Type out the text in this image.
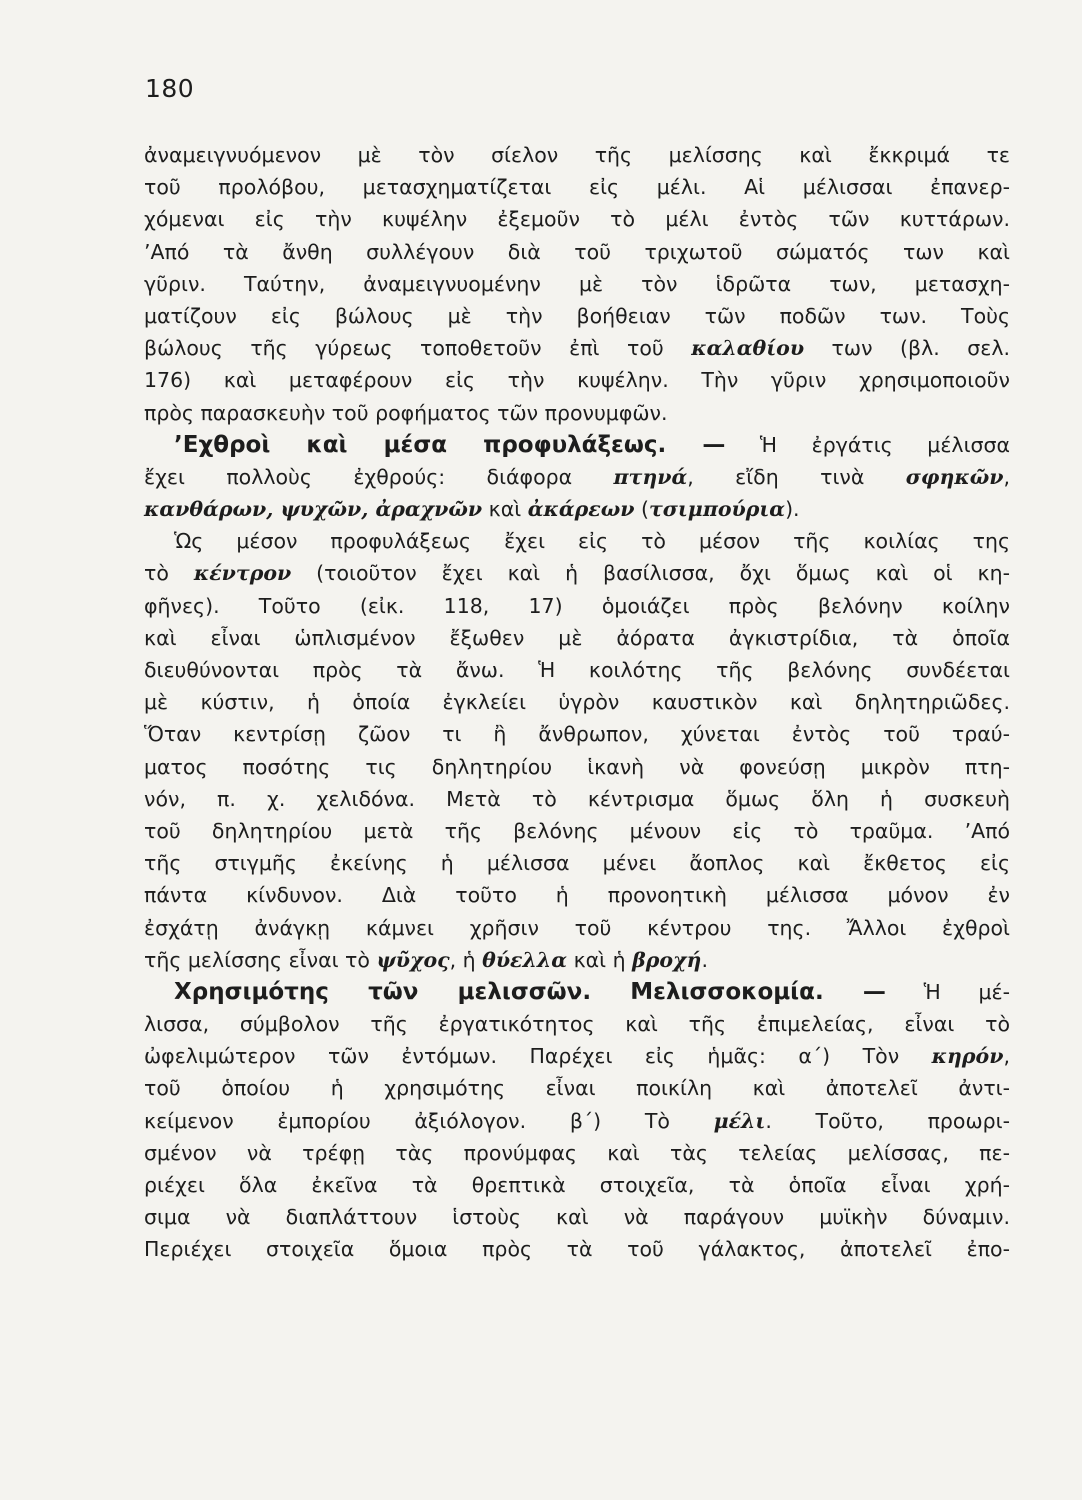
180
ἀναμειγνυόμενον μὲ τὸν σίελον τῆς μελίσσης καὶ ἔκκριμά τε
τοῦ προλόβου, μετασχηματίζεται εἰς μέλι. Αἱ μέλισσαι ἐπανερ-
χόμεναι εἰς τὴν κυψέλην ἐξεμοῦν τὸ μέλι ἐντὸς τῶν κυττάρων.
’Από τὰ ἄνθη συλλέγουν διὰ τοῦ τριχωτοῦ σώματός των καὶ
γῦριν. Ταύτην, ἀναμειγνυομένην μὲ τὸν ἱδρῶτα των, μετασχη-
ματίζουν εἰς βώλους μὲ τὴν βοήθειαν τῶν ποδῶν των. Τοὺς
βώλους τῆς γύρεως τοποθετοῦν ἐπὶ τοῦ καλαθίου των (βλ. σελ.
176) καὶ μεταφέρουν εἰς τὴν κυψέλην. Τὴν γῦριν χρησιμοποιοῦν
πρὸς παρασκευὴν τοῦ ροφήματος τῶν προνυμφῶν.
’Εχθροὶ καὶ μέσα προφυλάξεως. — Ἡ ἐργάτις μέλισσα
ἔχει πολλοὺς ἐχθρούς: διάφορα πτηνά, εἴδη τινὰ σφηκῶν,
κανθάρων, ψυχῶν, ἀραχνῶν καὶ ἀκάρεων (τσιμπούρια).
Ὡς μέσον προφυλάξεως ἔχει εἰς τὸ μέσον τῆς κοιλίας της
τὸ κέντρον (τοιοῦτον ἔχει καὶ ἡ βασίλισσα, ὄχι ὅμως καὶ οἱ κη-
φῆνες). Τοῦτο (εἰκ. 118, 17) ὁμοιάζει πρὸς βελόνην κοίλην
καὶ εἶναι ὡπλισμένον ἔξωθεν μὲ ἀόρατα ἀγκιστρίδια, τὰ ὁποῖα
διευθύνονται πρὸς τὰ ἄνω. Ἡ κοιλότης τῆς βελόνης συνδέεται
μὲ κύστιν, ἡ ὁποία ἐγκλείει ὑγρὸν καυστικὸν καὶ δηλητηριῶδες.
Ὅταν κεντρίσῃ ζῶον τι ἢ ἄνθρωπον, χύνεται ἐντὸς τοῦ τραύ-
ματος ποσότης τις δηλητηρίου ἱκανὴ νὰ φονεύσῃ μικρὸν πτη-
νόν, π. χ. χελιδόνα. Μετὰ τὸ κέντρισμα ὅμως ὅλη ἡ συσκευὴ
τοῦ δηλητηρίου μετὰ τῆς βελόνης μένουν εἰς τὸ τραῦμα. ’Από
τῆς στιγμῆς ἐκείνης ἡ μέλισσα μένει ἄοπλος καὶ ἔκθετος εἰς
πάντα κίνδυνον. Διὰ τοῦτο ἡ προνοητικὴ μέλισσα μόνον ἐν
ἐσχάτῃ ἀνάγκῃ κάμνει χρῆσιν τοῦ κέντρου της. Ἄλλοι ἐχθροὶ
τῆς μελίσσης εἶναι τὸ ψῦχος, ἡ θύελλα καὶ ἡ βροχή.
Χρησιμότης τῶν μελισσῶν. Μελισσοκομία. — Ἡ μέ-
λισσα, σύμβολον τῆς ἐργατικότητος καὶ τῆς ἐπιμελείας, εἶναι τὸ
ὠφελιμώτερον τῶν ἐντόμων. Παρέχει εἰς ἡμᾶς: α´) Τὸν κηρόν,
τοῦ ὁποίου ἡ χρησιμότης εἶναι ποικίλη καὶ ἀποτελεῖ ἀντι-
κείμενον ἐμπορίου ἀξιόλογον. β´) Τὸ μέλι. Τοῦτο, προωρι-
σμένον νὰ τρέφῃ τὰς προνύμφας καὶ τὰς τελείας μελίσσας, πε-
ριέχει ὅλα ἐκεῖνα τὰ θρεπτικὰ στοιχεῖα, τὰ ὁποῖα εἶναι χρή-
σιμα νὰ διαπλάττουν ἱστοὺς καὶ νὰ παράγουν μυϊκὴν δύναμιν.
Περιέχει στοιχεῖα ὅμοια πρὸς τὰ τοῦ γάλακτος, ἀποτελεῖ ἐπο-
